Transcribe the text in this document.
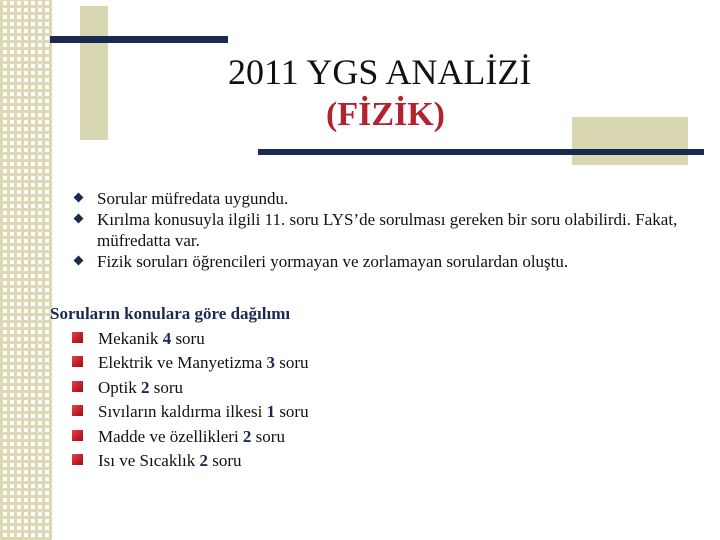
2011 YGS ANALİZİ
(FİZİK)
Sorular müfredata uygundu.
Kırılma konusuyla ilgili 11. soru LYS’de sorulması gereken bir soru olabilirdi. Fakat, müfredatta var.
Fizik soruları öğrencileri yormayan ve zorlamayan sorulardan oluştu.
Soruların konulara göre dağılımı
Mekanik 4 soru
Elektrik ve Manyetizma 3 soru
Optik 2 soru
Sıvıların kaldırma ilkesi 1 soru
Madde ve özellikleri 2 soru
Isı ve Sıcaklık 2 soru
